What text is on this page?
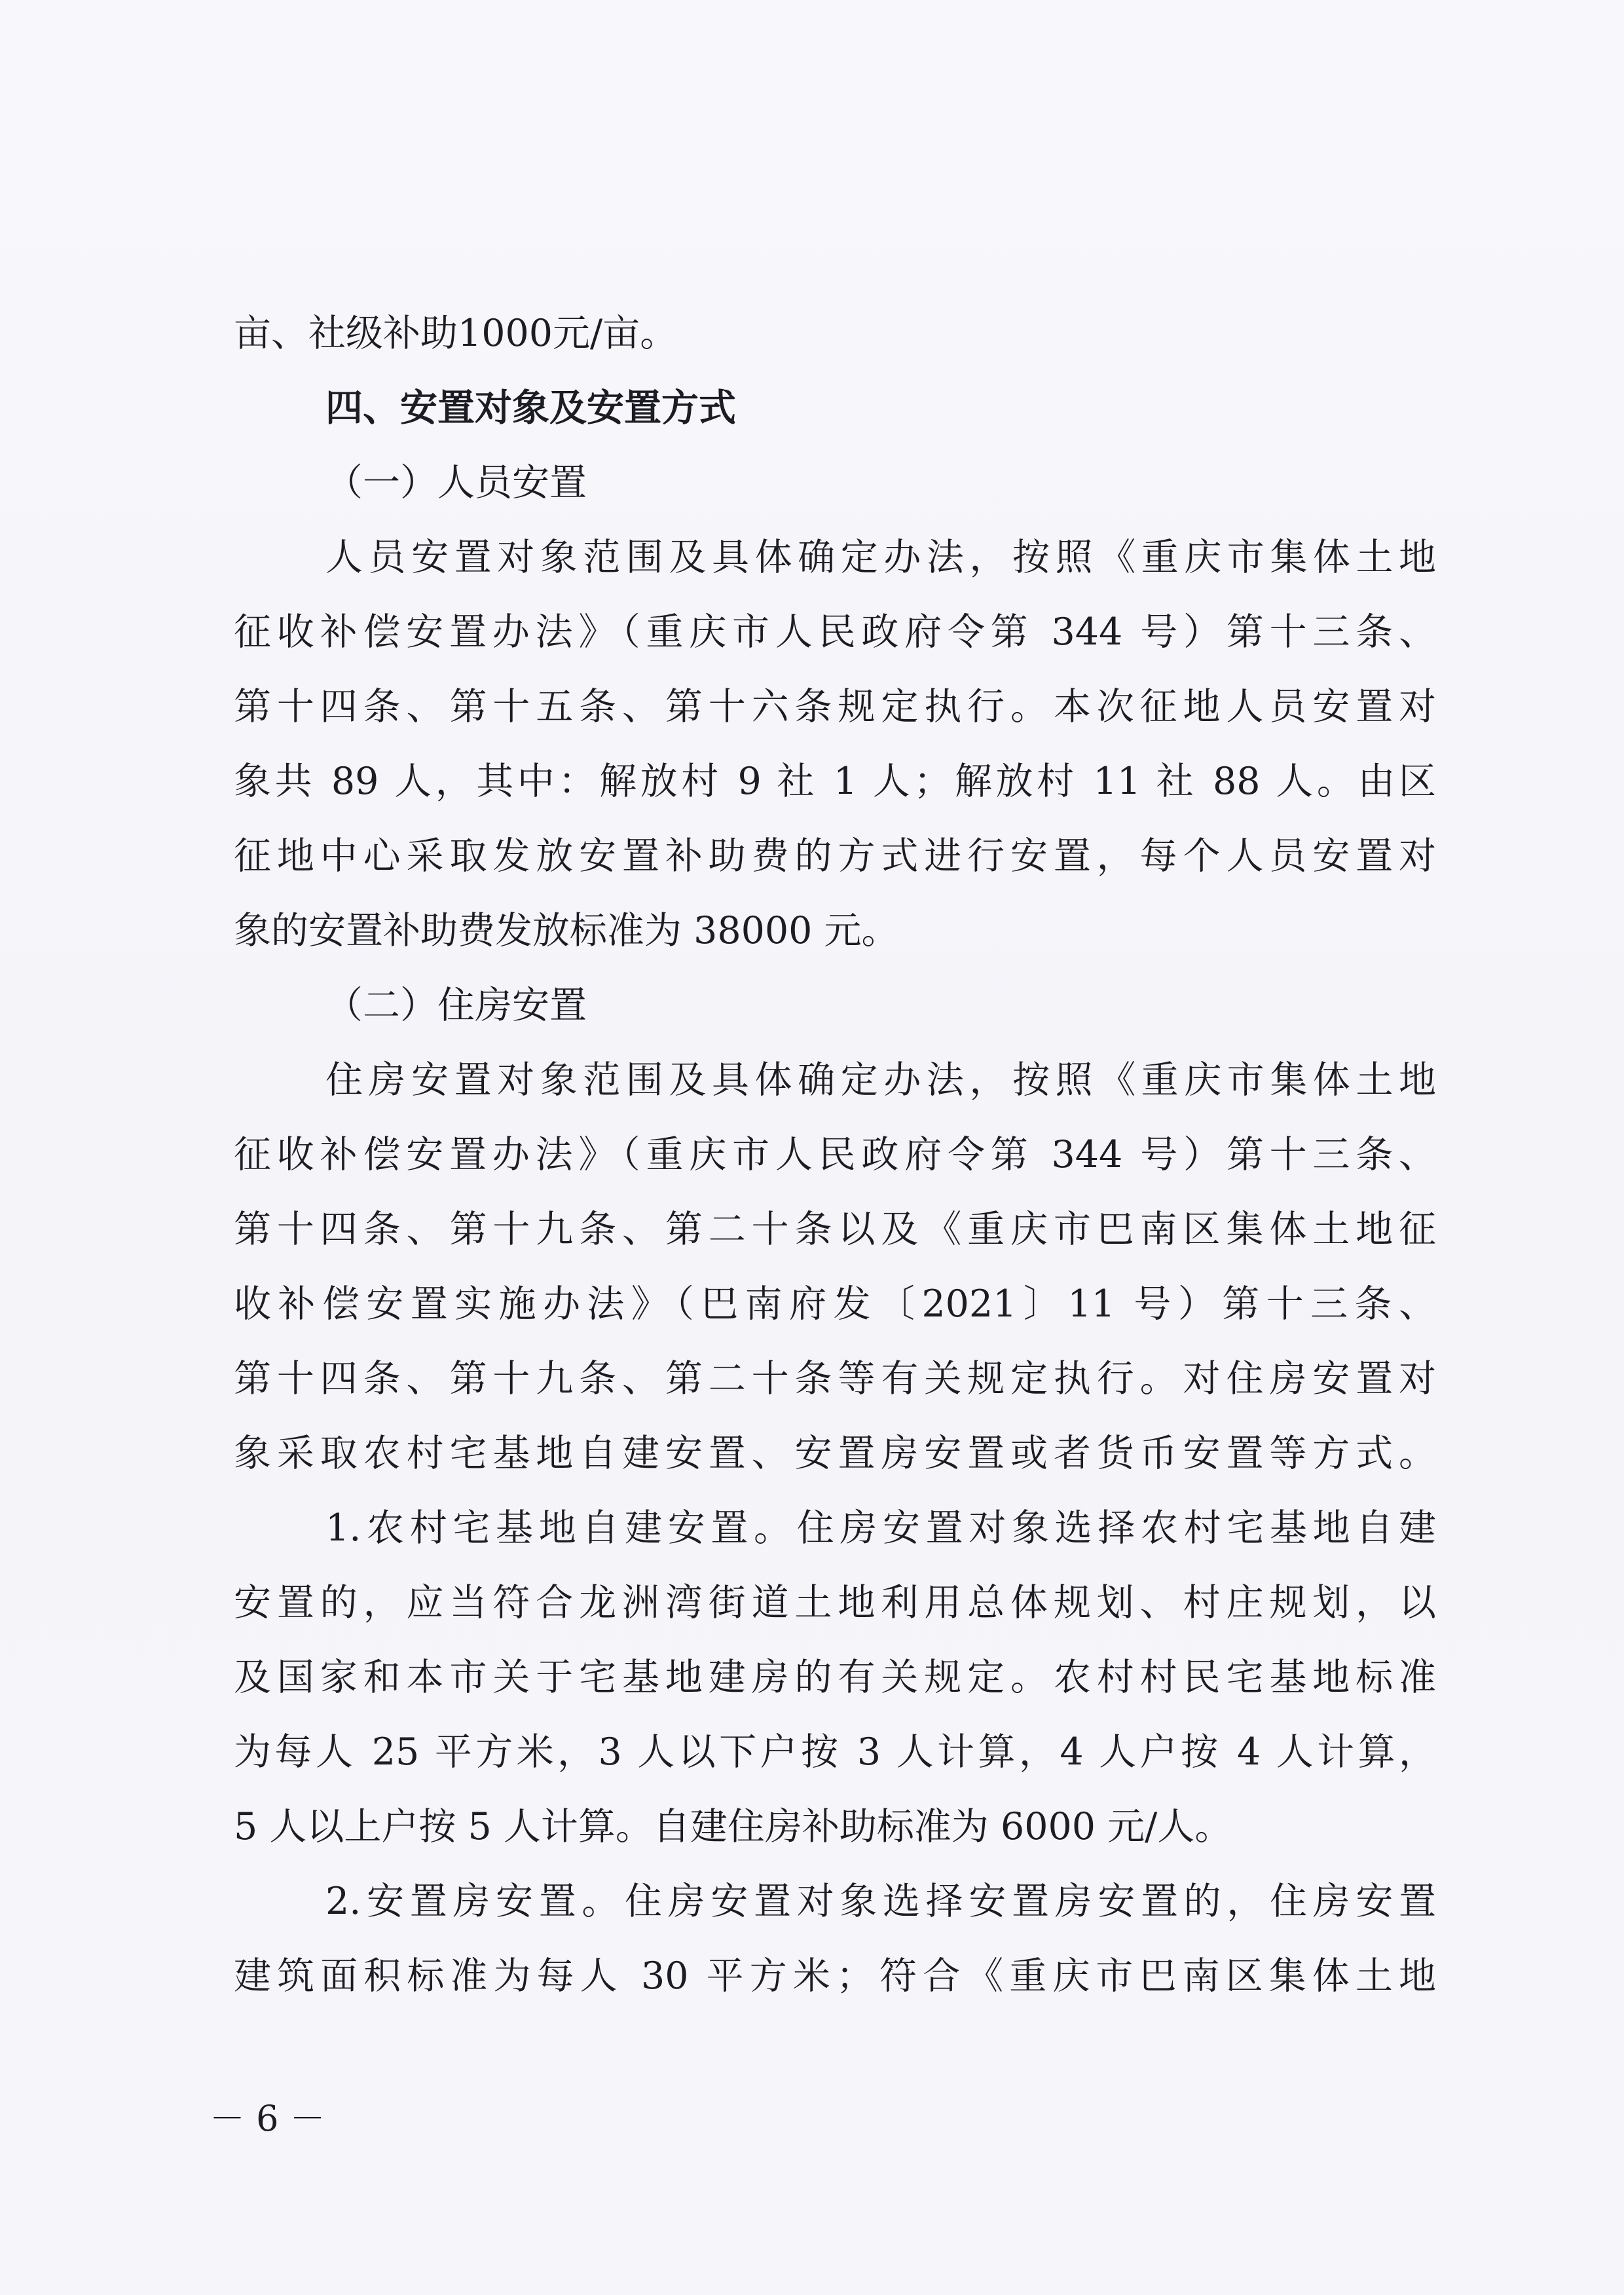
亩、社级补助1000元/亩。
四、安置对象及安置方式
（一）人员安置
人员安置对象范围及具体确定办法，按照《重庆市集体土地
征收补偿安置办法》（重庆市人民政府令第 344 号）第十三条、
第十四条、第十五条、第十六条规定执行。本次征地人员安置对
象共 89 人，其中：解放村 9 社 1 人；解放村 11 社 88 人。由区
征地中心采取发放安置补助费的方式进行安置，每个人员安置对
象的安置补助费发放标准为 38000 元。
（二）住房安置
住房安置对象范围及具体确定办法，按照《重庆市集体土地
征收补偿安置办法》（重庆市人民政府令第 344 号）第十三条、
第十四条、第十九条、第二十条以及《重庆市巴南区集体土地征
收补偿安置实施办法》（巴南府发〔2021〕11 号）第十三条、
第十四条、第十九条、第二十条等有关规定执行。对住房安置对
象采取农村宅基地自建安置、安置房安置或者货币安置等方式。
1.农村宅基地自建安置。住房安置对象选择农村宅基地自建
安置的，应当符合龙洲湾街道土地利用总体规划、村庄规划，以
及国家和本市关于宅基地建房的有关规定。农村村民宅基地标准
为每人 25 平方米，3 人以下户按 3 人计算，4 人户按 4 人计算，
5 人以上户按 5 人计算。自建住房补助标准为 6000 元/人。
2.安置房安置。住房安置对象选择安置房安置的，住房安置
建筑面积标准为每人 30 平方米；符合《重庆市巴南区集体土地
－ 6 －
